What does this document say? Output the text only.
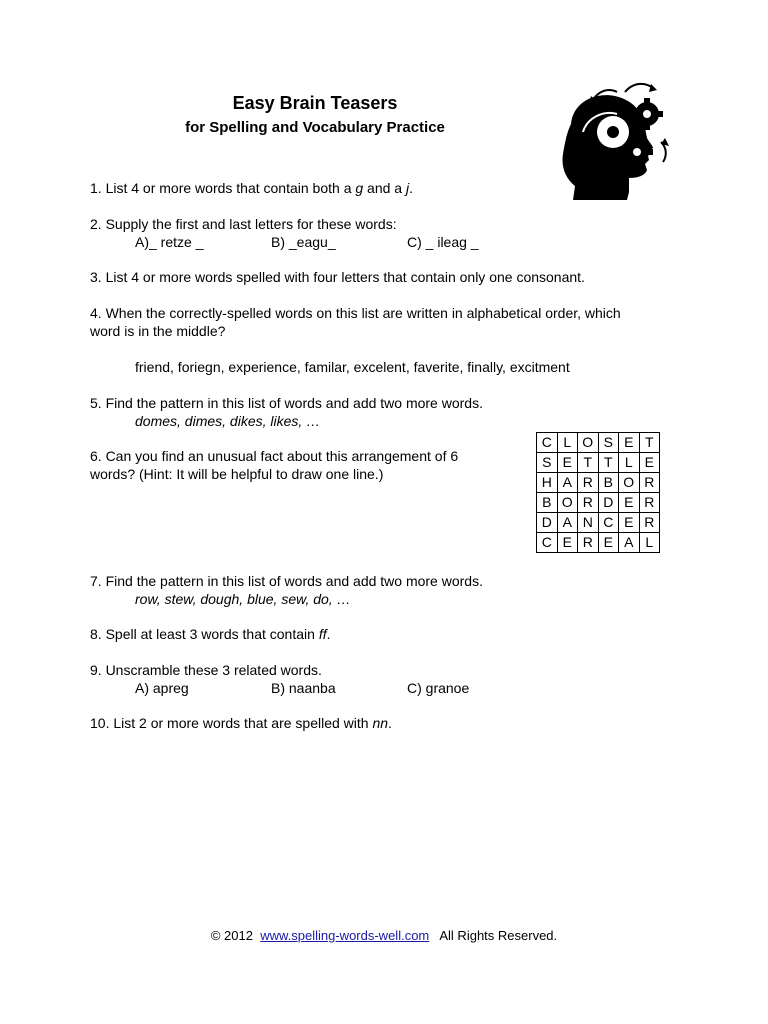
Easy Brain Teasers
for Spelling and Vocabulary Practice
1. List 4 or more words that contain both a g and a j.
2. Supply the first and last letters for these words:
A)_ retze _	B) _eagu_	C) _ ileag _
3. List 4 or more words spelled with four letters that contain only one consonant.
4. When the correctly-spelled words on this list are written in alphabetical order, which
word is in the middle?
friend, foriegn, experience, familar, excelent, faverite, finally, excitment
5. Find the pattern in this list of words and add two more words.
domes, dimes, dikes, likes, …
6. Can you find an unusual fact about this arrangement of 6
words? (Hint: It will be helpful to draw one line.)
C	L	O	S	E	T
S	E	T	T	L	E
H	A	R	B	O	R
B	O	R	D	E	R
D	A	N	C	E	R
C	E	R	E	A	L
7. Find the pattern in this list of words and add two more words.
row, stew, dough, blue, sew, do, …
8. Spell at least 3 words that contain ff.
9. Unscramble these 3 related words.
A) apreg	B) naanba	C) granoe
10. List 2 or more words that are spelled with nn.
© 2012 www.spelling-words-well.com All Rights Reserved.
